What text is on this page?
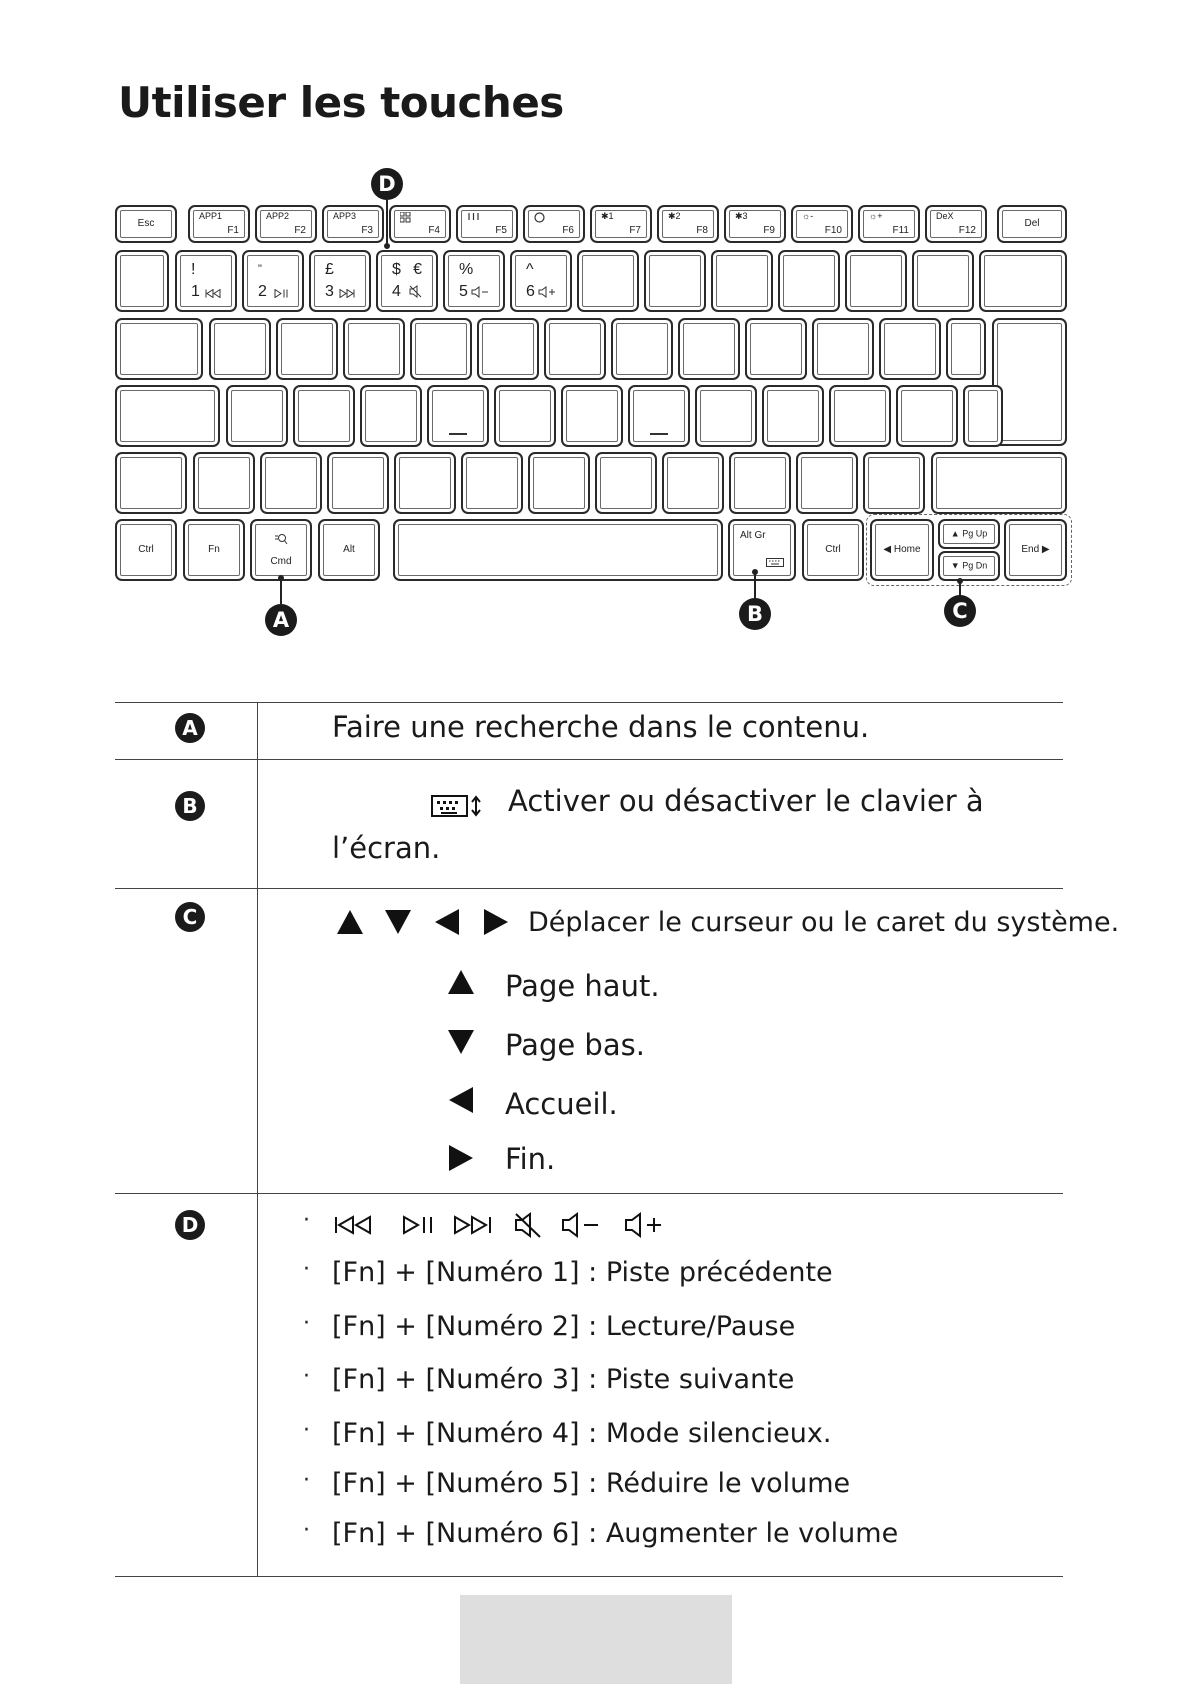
Utiliser les touches
Esc
APP1
F1
APP2
F2
APP3
F3	F4	F5	F6
✱1
F7
✱2
F8
✱3
F9
☼-
F10
☼+
F11
DeX
F12
Del
!
1
"
2
£
3
$ €
4
%
5
^
6
Ctrl	Fn
Cmd
Alt
Alt Gr
Ctrl	◀ Home
▲ Pg Up
▼ Pg Dn
End ▶
D
A	B	C
A	Faire une recherche dans le contenu.
B	Activer ou désactiver le clavier à
l’écran.
C	Déplacer le curseur ou le caret du système.
Page haut.
Page bas.
Accueil.
Fin.
D	·
· [Fn] + [Numéro 1] : Piste précédente
· [Fn] + [Numéro 2] : Lecture/Pause
· [Fn] + [Numéro 3] : Piste suivante
· [Fn] + [Numéro 4] : Mode silencieux.
· [Fn] + [Numéro 5] : Réduire le volume
· [Fn] + [Numéro 6] : Augmenter le volume
